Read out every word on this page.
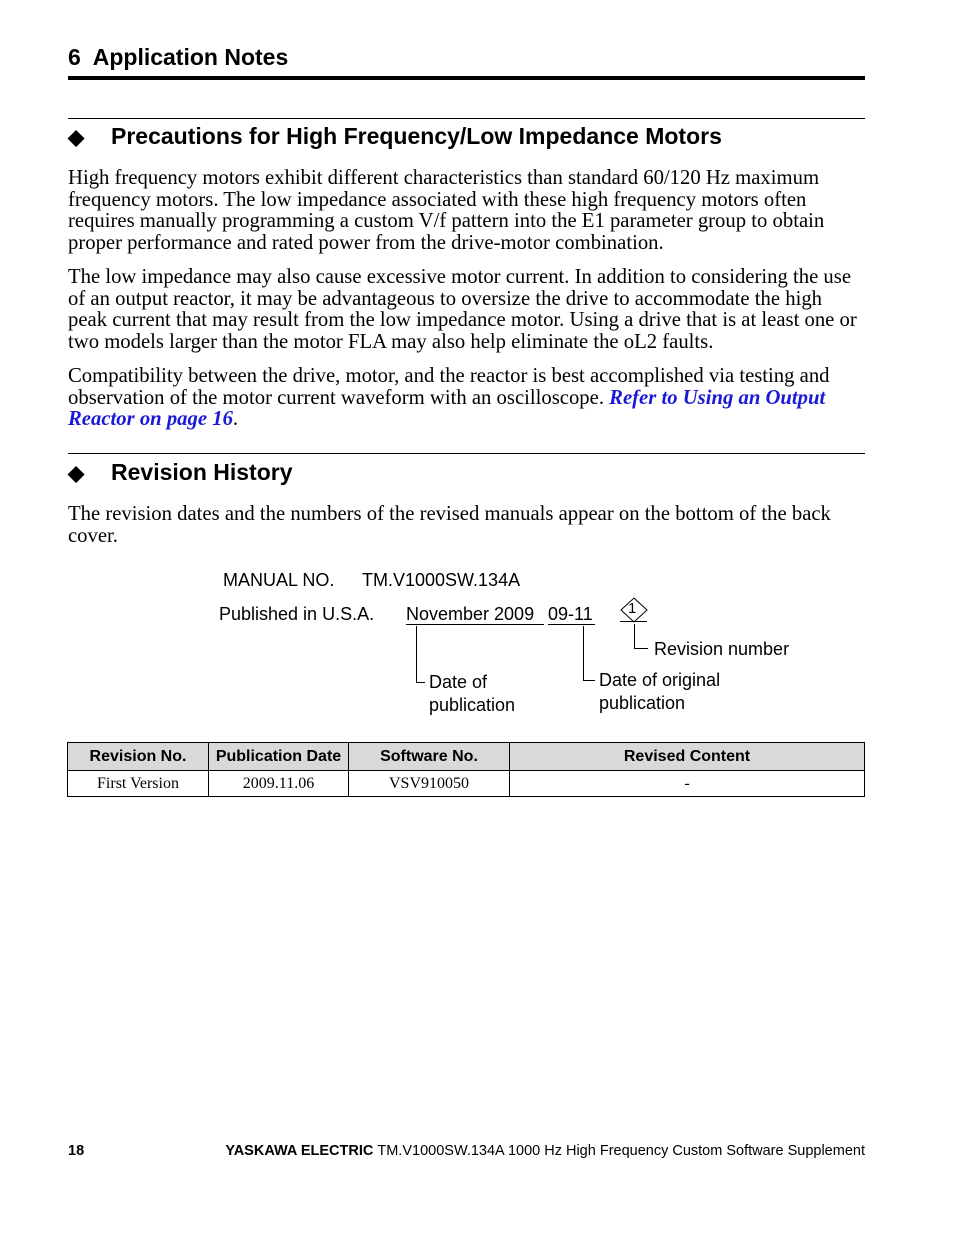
6 Application Notes
◆ Precautions for High Frequency/Low Impedance Motors
High frequency motors exhibit different characteristics than standard 60/120 Hz maximum frequency motors. The low impedance associated with these high frequency motors often requires manually programming a custom V/f pattern into the E1 parameter group to obtain proper performance and rated power from the drive-motor combination.
The low impedance may also cause excessive motor current. In addition to considering the use of an output reactor, it may be advantageous to oversize the drive to accommodate the high peak current that may result from the low impedance motor. Using a drive that is at least one or two models larger than the motor FLA may also help eliminate the oL2 faults.
Compatibility between the drive, motor, and the reactor is best accomplished via testing and observation of the motor current waveform with an oscilloscope. Refer to Using an Output Reactor on page 16.
◆ Revision History
The revision dates and the numbers of the revised manuals appear on the bottom of the back cover.
MANUAL NO. TM.V1000SW.134A
Published in U.S.A. November 2009 09-11 1
Revision number
Date of
publication
Date of original
publication
Revision No.	Publication Date	Software No.	Revised Content
First Version	2009.11.06	VSV910050	-
18	YASKAWA ELECTRIC TM.V1000SW.134A 1000 Hz High Frequency Custom Software Supplement
